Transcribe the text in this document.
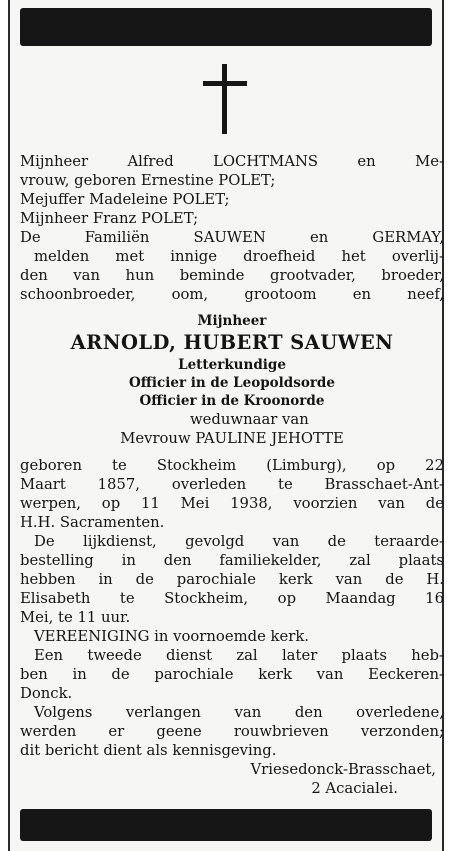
Mijnheer Alfred LOCHTMANS en Me-
vrouw, geboren Ernestine POLET;
Mejuffer Madeleine POLET;
Mijnheer Franz POLET;
De Familiën SAUWEN en GERMAY,
melden met innige droefheid het overlij-
den van hun beminde grootvader, broeder,
schoonbroeder, oom, grootoom en neef,
Mijnheer
ARNOLD, HUBERT SAUWEN
Letterkundige
Officier in de Leopoldsorde
Officier in de Kroonorde
weduwnaar van
Mevrouw PAULINE JEHOTTE
geboren te Stockheim (Limburg), op 22
Maart 1857, overleden te Brasschaet-Ant-
werpen, op 11 Mei 1938, voorzien van de
H.H. Sacramenten.
De lijkdienst, gevolgd van de teraarde-
bestelling in den familiekelder, zal plaats
hebben in de parochiale kerk van de H.
Elisabeth te Stockheim, op Maandag 16
Mei, te 11 uur.
VEREENIGING in voornoemde kerk.
Een tweede dienst zal later plaats heb-
ben in de parochiale kerk van Eeckeren-
Donck.
Volgens verlangen van den overledene,
werden er geene rouwbrieven verzonden;
dit bericht dient als kennisgeving.
Vriesedonck-Brasschaet,
2 Acacialei.
